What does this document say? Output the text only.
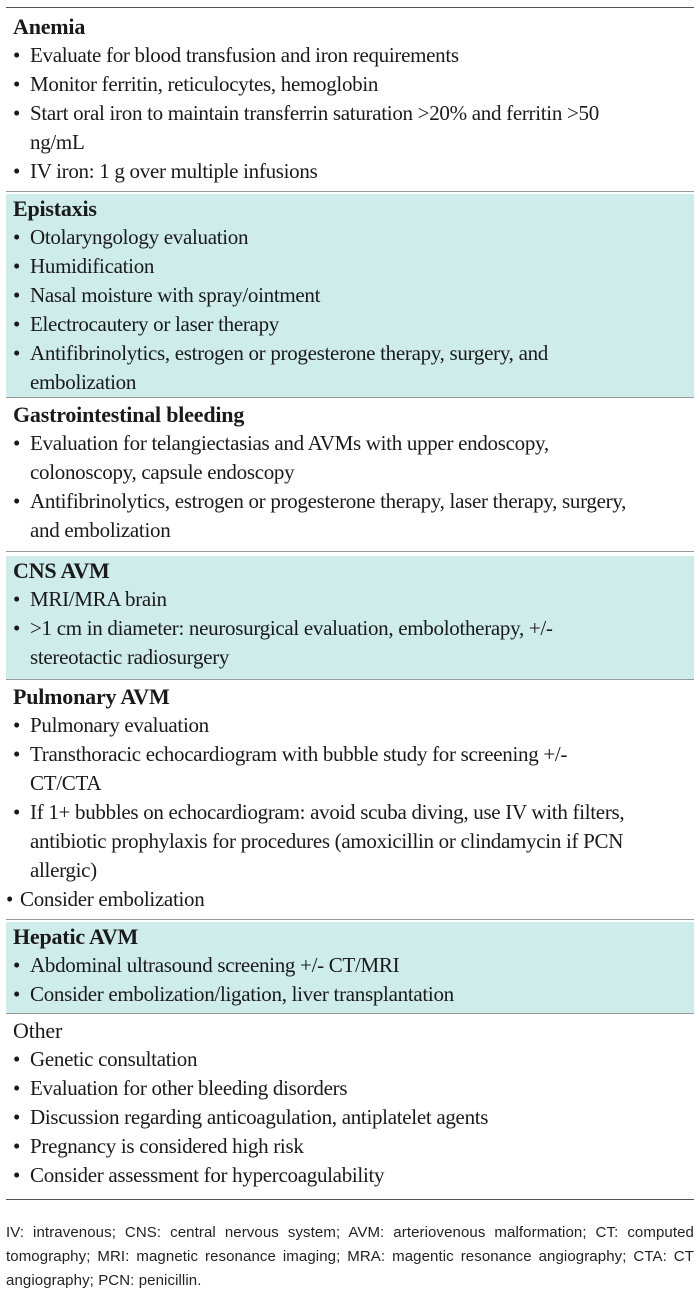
Anemia

• Evaluate for blood transfusion and iron requirements

• Monitor ferritin, reticulocytes, hemoglobin

• Start oral iron to maintain transferrin saturation >20% and ferritin >50 ng/mL

• IV iron: 1 g over multiple infusions

Epistaxis

• Otolaryngology evaluation

• Humidification

• Nasal moisture with spray/ointment

• Electrocautery or laser therapy

• Antifibrinolytics, estrogen or progesterone therapy, surgery, and embolization

Gastrointestinal bleeding

• Evaluation for telangiectasias and AVMs with upper endoscopy, colonoscopy, capsule endoscopy

• Antifibrinolytics, estrogen or progesterone therapy, laser therapy, surgery, and embolization

CNS AVM

• MRI/MRA brain

• >1 cm in diameter: neurosurgical evaluation, embolotherapy, +/- stereotactic radiosurgery

Pulmonary AVM

• Pulmonary evaluation

• Transthoracic echocardiogram with bubble study for screening +/- CT/CTA

• If 1+ bubbles on echocardiogram: avoid scuba diving, use IV with filters, antibiotic prophylaxis for procedures (amoxicillin or clindamycin if PCN allergic)

• Consider embolization

Hepatic AVM

• Abdominal ultrasound screening +/- CT/MRI

• Consider embolization/ligation, liver transplantation

Other

• Genetic consultation

• Evaluation for other bleeding disorders

• Discussion regarding anticoagulation, antiplatelet agents

• Pregnancy is considered high risk

• Consider assessment for hypercoagulability

IV: intravenous; CNS: central nervous system; AVM: arteriovenous malformation; CT: computed tomography; MRI: magnetic resonance imaging; MRA: magentic resonance angiography; CTA: CT angiography; PCN: penicillin.
